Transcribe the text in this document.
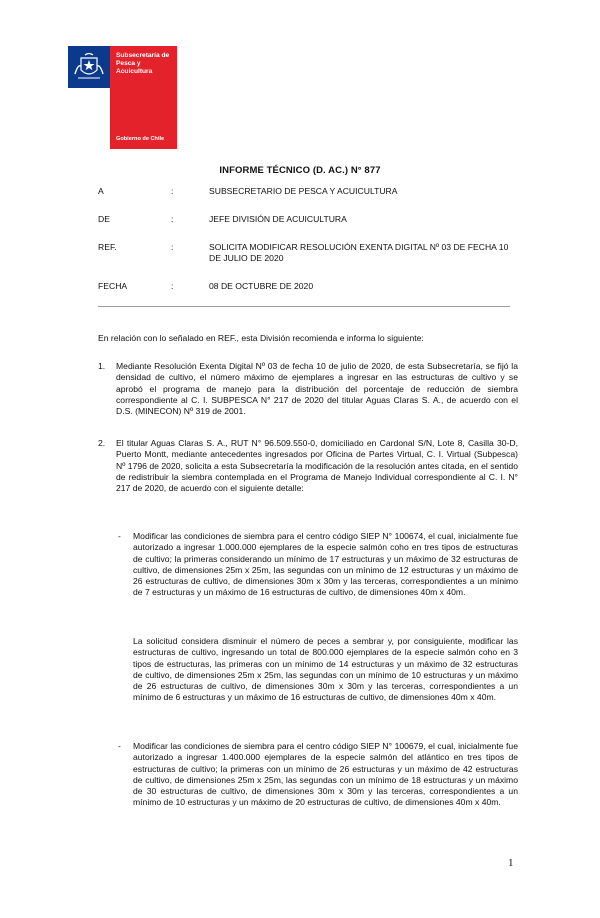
Subsecretaría de Pesca y Acuicultura
Gobierno de Chile
INFORME TÉCNICO (D. AC.) N° 877
A	:	SUBSECRETARIO DE PESCA Y ACUICULTURA
DE	:	JEFE DIVISIÓN DE ACUICULTURA
REF.	:	SOLICITA MODIFICAR RESOLUCIÓN EXENTA DIGITAL Nº 03 DE FECHA 10 DE JULIO DE 2020
FECHA	:	08 DE OCTUBRE DE 2020
En relación con lo señalado en REF., esta División recomienda e informa lo siguiente:
1. Mediante Resolución Exenta Digital Nº 03 de fecha 10 de julio de 2020, de esta Subsecretaría, se fijó la densidad de cultivo, el número máximo de ejemplares a ingresar en las estructuras de cultivo y se aprobó el programa de manejo para la distribución del porcentaje de reducción de siembra correspondiente al C. I. SUBPESCA N° 217 de 2020 del titular Aguas Claras S. A., de acuerdo con el D.S. (MINECON) Nº 319 de 2001.
2. El titular Aguas Claras S. A., RUT N° 96.509.550-0, domiciliado en Cardonal S/N, Lote 8, Casilla 30-D, Puerto Montt, mediante antecedentes ingresados por Oficina de Partes Virtual, C. I. Virtual (Subpesca) Nº 1796 de 2020, solicita a esta Subsecretaría la modificación de la resolución antes citada, en el sentido de redistribuir la siembra contemplada en el Programa de Manejo Individual correspondiente al C. I. N° 217 de 2020, de acuerdo con el siguiente detalle:
- Modificar las condiciones de siembra para el centro código SIEP N° 100674, el cual, inicialmente fue autorizado a ingresar 1.000.000 ejemplares de la especie salmón coho en tres tipos de estructuras de cultivo; la primeras considerando un mínimo de 17 estructuras y un máximo de 32 estructuras de cultivo, de dimensiones 25m x 25m, las segundas con un mínimo de 12 estructuras y un máximo de 26 estructuras de cultivo, de dimensiones 30m x 30m y las terceras, correspondientes a un mínimo de 7 estructuras y un máximo de 16 estructuras de cultivo, de dimensiones 40m x 40m.
La solicitud considera disminuir el número de peces a sembrar y, por consiguiente, modificar las estructuras de cultivo, ingresando un total de 800.000 ejemplares de la especie salmón coho en 3 tipos de estructuras, las primeras con un mínimo de 14 estructuras y un máximo de 32 estructuras de cultivo, de dimensiones 25m x 25m, las segundas con un mínimo de 10 estructuras y un máximo de 26 estructuras de cultivo, de dimensiones 30m x 30m y las terceras, correspondientes a un mínimo de 6 estructuras y un máximo de 16 estructuras de cultivo, de dimensiones 40m x 40m.
- Modificar las condiciones de siembra para el centro código SIEP N° 100679, el cual, inicialmente fue autorizado a ingresar 1.400.000 ejemplares de la especie salmón del atlántico en tres tipos de estructuras de cultivo; la primeras con un mínimo de 26 estructuras y un máximo de 42 estructuras de cultivo, de dimensiones 25m x 25m, las segundas con un mínimo de 18 estructuras y un máximo de 30 estructuras de cultivo, de dimensiones 30m x 30m y las terceras, correspondientes a un mínimo de 10 estructuras y un máximo de 20 estructuras de cultivo, de dimensiones 40m x 40m.
1
